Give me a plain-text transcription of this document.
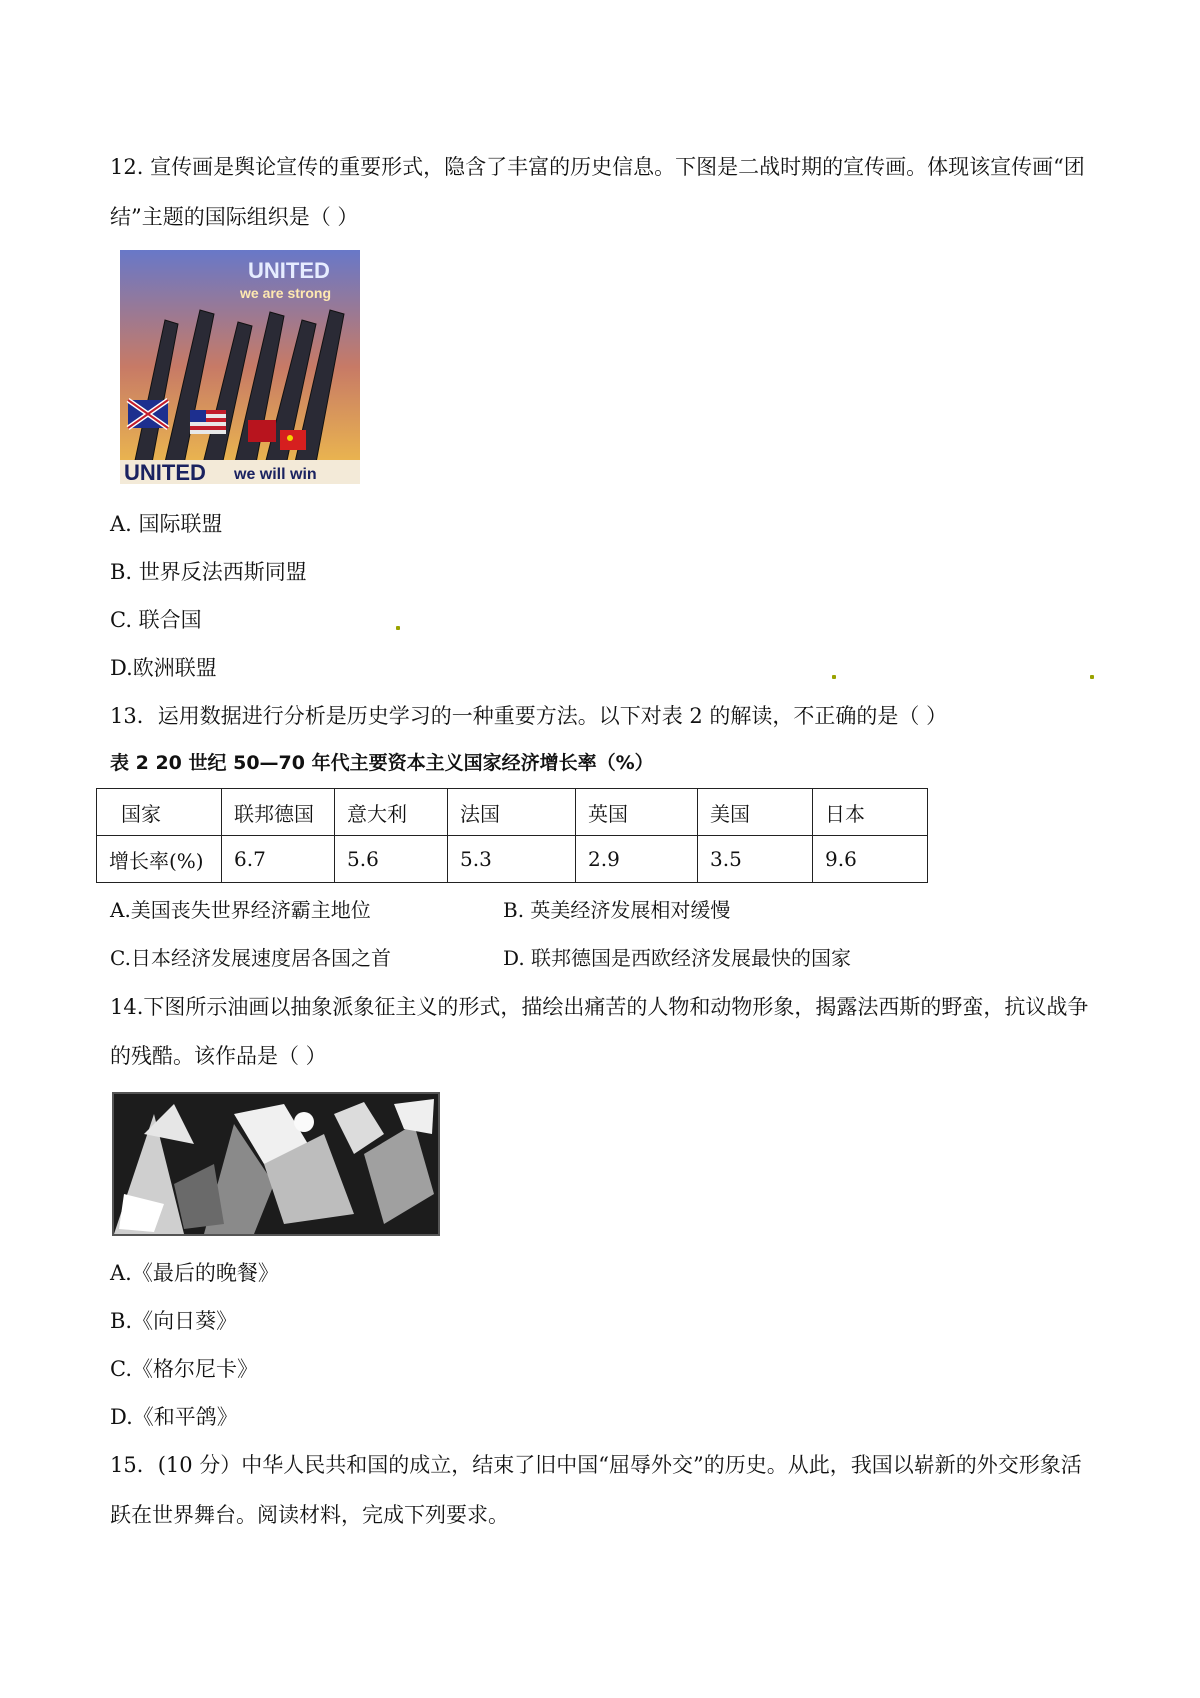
12. 宣传画是舆论宣传的重要形式，隐含了丰富的历史信息。下图是二战时期的宣传画。体现该宣传画“团
结”主题的国际组织是（ ）
UNITED
we are strong
UNITED we will win
A. 国际联盟
B. 世界反法西斯同盟
C. 联合国
D.欧洲联盟
13．运用数据进行分析是历史学习的一种重要方法。以下对表 2 的解读，不正确的是（ ）
表 2 20 世纪 50—70 年代主要资本主义国家经济增长率（%）
国家	联邦德国	意大利	法国	英国	美国	日本
增长率(%)	6.7	5.6	5.3	2.9	3.5	9.6
A.美国丧失世界经济霸主地位	B. 英美经济发展相对缓慢
C.日本经济发展速度居各国之首	D. 联邦德国是西欧经济发展最快的国家
14.下图所示油画以抽象派象征主义的形式，描绘出痛苦的人物和动物形象，揭露法西斯的野蛮，抗议战争
的残酷。该作品是（ ）
A.《最后的晚餐》
B.《向日葵》
C.《格尔尼卡》
D.《和平鸽》
15．(10 分）中华人民共和国的成立，结束了旧中国“屈辱外交”的历史。从此，我国以崭新的外交形象活
跃在世界舞台。阅读材料，完成下列要求。
